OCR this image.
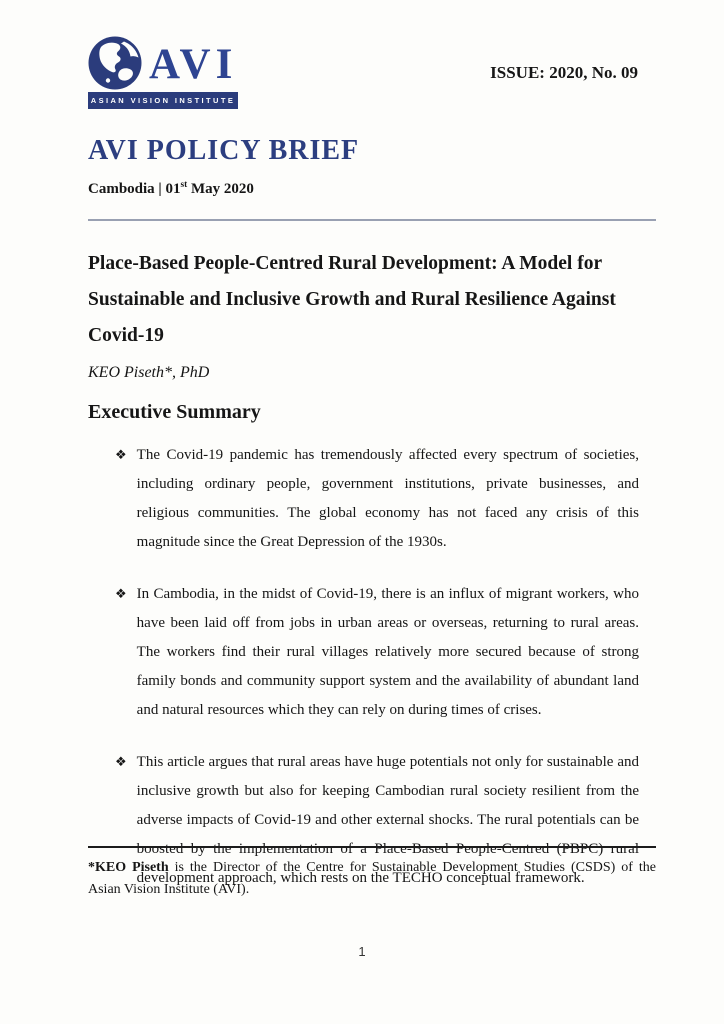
AVI
ASIAN VISION INSTITUTE
ISSUE: 2020, No. 09
AVI POLICY BRIEF
Cambodia | 01st May 2020
Place-Based People-Centred Rural Development: A Model for Sustainable and Inclusive Growth and Rural Resilience Against Covid-19
KEO Piseth*, PhD
Executive Summary
❖ The Covid-19 pandemic has tremendously affected every spectrum of societies, including ordinary people, government institutions, private businesses, and religious communities. The global economy has not faced any crisis of this magnitude since the Great Depression of the 1930s.
❖ In Cambodia, in the midst of Covid-19, there is an influx of migrant workers, who have been laid off from jobs in urban areas or overseas, returning to rural areas. The workers find their rural villages relatively more secured because of strong family bonds and community support system and the availability of abundant land and natural resources which they can rely on during times of crises.
❖ This article argues that rural areas have huge potentials not only for sustainable and inclusive growth but also for keeping Cambodian rural society resilient from the adverse impacts of Covid-19 and other external shocks. The rural potentials can be boosted by the implementation of a Place-Based People-Centred (PBPC) rural development approach, which rests on the TECHO conceptual framework.
*KEO Piseth is the Director of the Centre for Sustainable Development Studies (CSDS) of the Asian Vision Institute (AVI).
1
